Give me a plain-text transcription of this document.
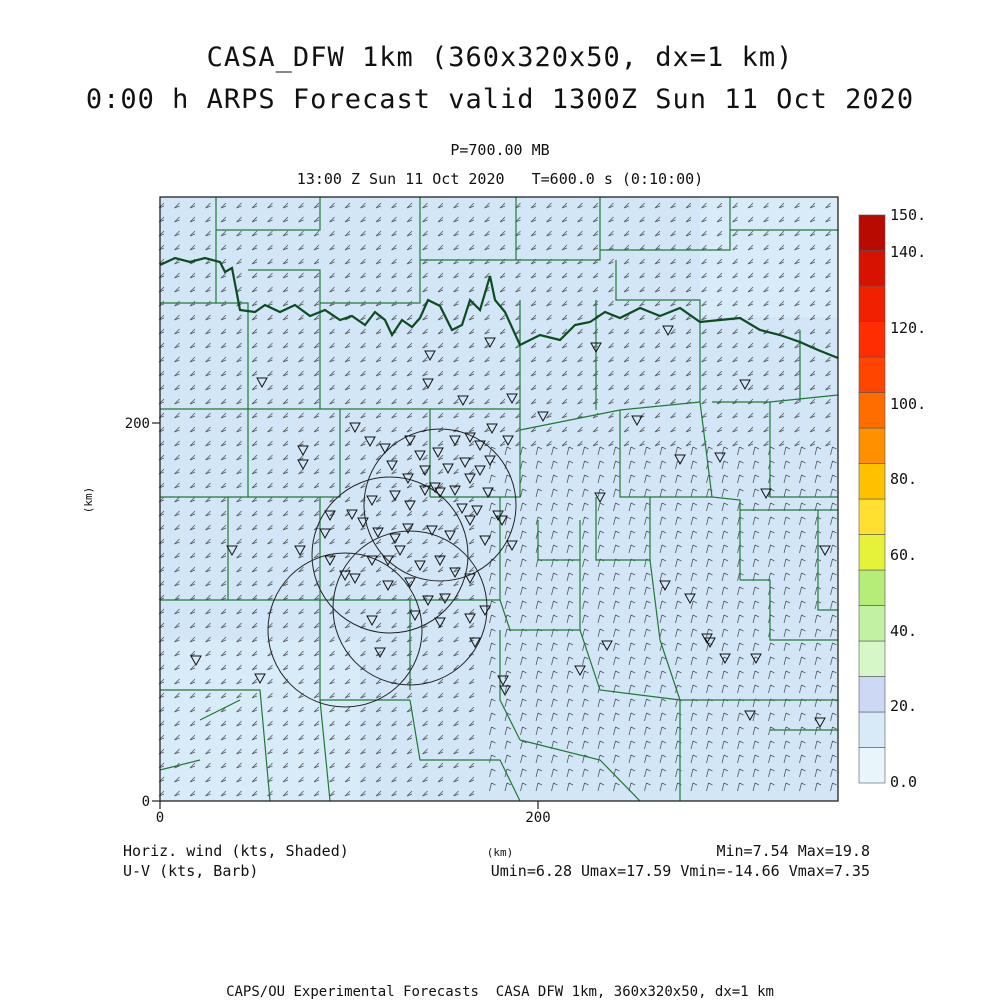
CASA_DFW 1km (360x320x50, dx=1 km)
0:00 h ARPS Forecast valid 1300Z Sun 11 Oct 2020
P=700.00 MB
13:00 Z Sun 11 Oct 2020   T=600.0 s (0:10:00)
0	200
0
200
(km)
(km)
150.
140.
120.
100.
80.
60.
40.
20.
0.0
Horiz. wind (kts, Shaded)
U-V (kts, Barb)
Min=7.54 Max=19.8
Umin=6.28 Umax=17.59 Vmin=-14.66 Vmax=7.35
CAPS/OU Experimental Forecasts  CASA DFW 1km, 360x320x50, dx=1 km
